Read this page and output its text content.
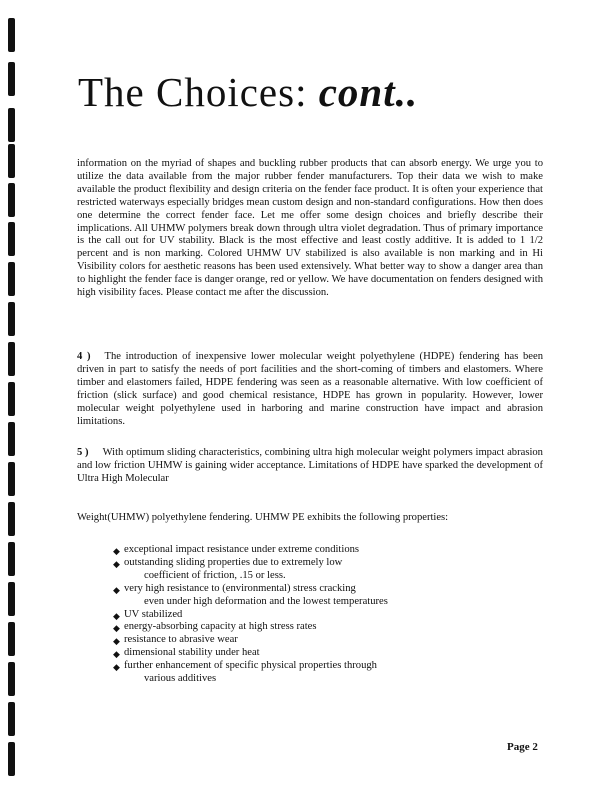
The Choices: cont..

information on the myriad of shapes and buckling rubber products that can absorb energy. We urge you to utilize the data available from the major rubber fender manufacturers. Top their data we wish to make available the product flexibility and design criteria on the fender face product. It is often your experience that restricted waterways especially bridges mean custom design and non-standard configurations. How then does one determine the correct fender face. Let me offer some design choices and briefly describe their implications. All UHMW polymers break down through ultra violet degradation. Thus of primary importance is the call out for UV stability. Black is the most effective and least costly additive. It is added to 1 1/2 percent and is non marking. Colored UHMW UV stabilized is also available is non marking and in Hi Visibility colors for aesthetic reasons has been used extensively. What better way to show a danger area than to highlight the fender face is danger orange, red or yellow. We have documentation on fenders designed with high visibility faces. Please contact me after the discussion.

4 ) The introduction of inexpensive lower molecular weight polyethylene (HDPE) fendering has been driven in part to satisfy the needs of port facilities and the short-coming of timbers and elastomers. Where timber and elastomers failed, HDPE fendering was seen as a reasonable alternative. With low coefficient of friction (slick surface) and good chemical resistance, HDPE has grown in popularity. However, lower molecular weight polyethylene used in harboring and marine construction have impact and abrasion limitations.

5 ) With optimum sliding characteristics, combining ultra high molecular weight polymers impact abrasion and low friction UHMW is gaining wider acceptance. Limitations of HDPE have sparked the development of Ultra High Molecular

Weight(UHMW) polyethylene fendering. UHMW PE exhibits the following properties:

◆ exceptional impact resistance under extreme conditions
◆ outstanding sliding properties due to extremely low
coefficient of friction, .15 or less.
◆ very high resistance to (environmental) stress cracking
even under high deformation and the lowest temperatures
◆ UV stabilized
◆ energy-absorbing capacity at high stress rates
◆ resistance to abrasive wear
◆ dimensional stability under heat
◆ further enhancement of specific physical properties through
various additives
Page 2
